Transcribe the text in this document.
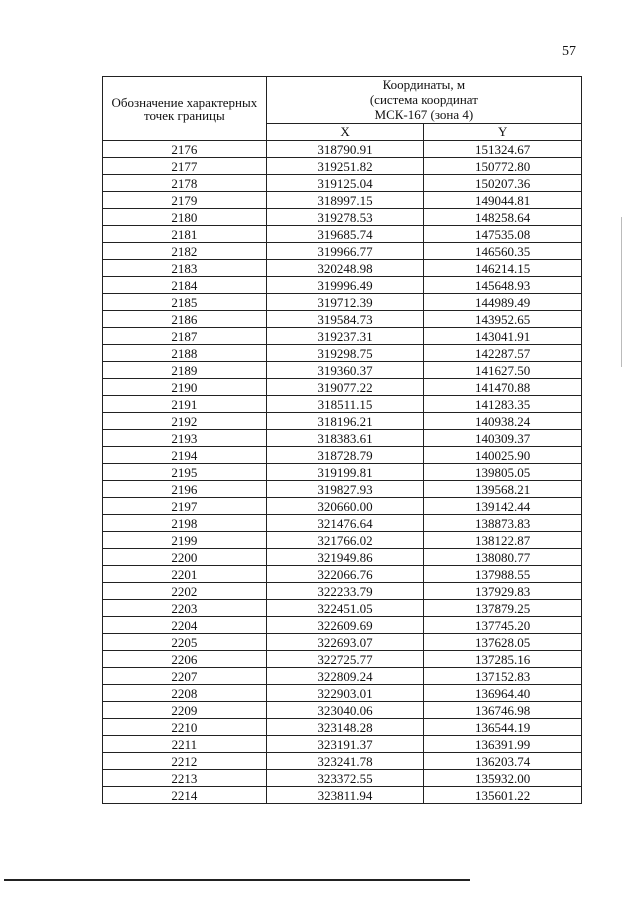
57
Обозначение характерных точек границы	Координаты, м
(система координат
МСК-167 (зона 4)	

	X	Y
2176	318790.91	151324.67
2177	319251.82	150772.80
2178	319125.04	150207.36
2179	318997.15	149044.81
2180	319278.53	148258.64
2181	319685.74	147535.08
2182	319966.77	146560.35
2183	320248.98	146214.15
2184	319996.49	145648.93
2185	319712.39	144989.49
2186	319584.73	143952.65
2187	319237.31	143041.91
2188	319298.75	142287.57
2189	319360.37	141627.50
2190	319077.22	141470.88
2191	318511.15	141283.35
2192	318196.21	140938.24
2193	318383.61	140309.37
2194	318728.79	140025.90
2195	319199.81	139805.05
2196	319827.93	139568.21
2197	320660.00	139142.44
2198	321476.64	138873.83
2199	321766.02	138122.87
2200	321949.86	138080.77
2201	322066.76	137988.55
2202	322233.79	137929.83
2203	322451.05	137879.25
2204	322609.69	137745.20
2205	322693.07	137628.05
2206	322725.77	137285.16
2207	322809.24	137152.83
2208	322903.01	136964.40
2209	323040.06	136746.98
2210	323148.28	136544.19
2211	323191.37	136391.99
2212	323241.78	136203.74
2213	323372.55	135932.00
2214	323811.94	135601.22
